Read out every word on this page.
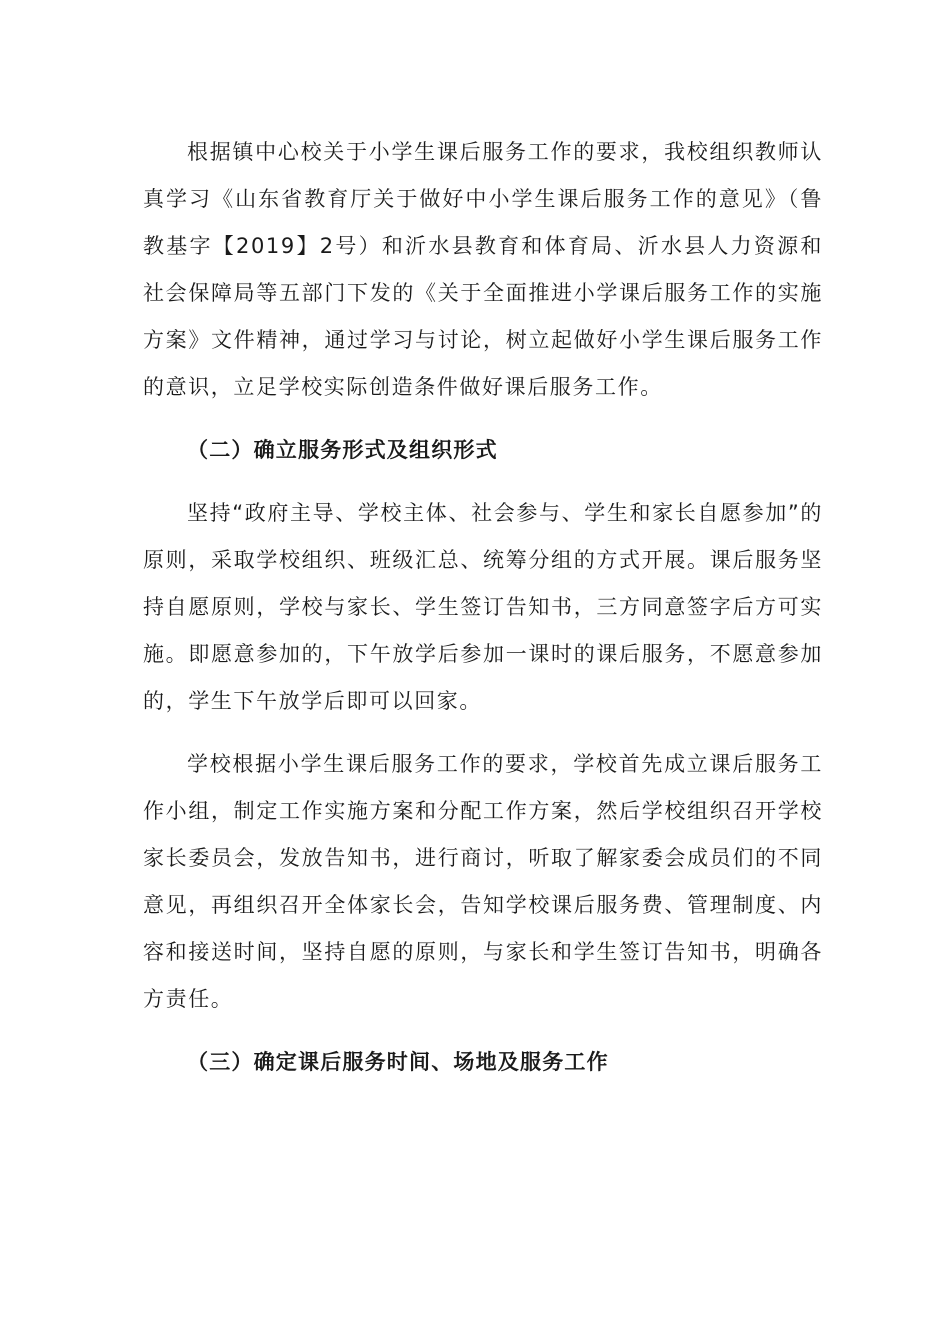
根据镇中心校关于小学生课后服务工作的要求，我校组织教师认真学习《山东省教育厅关于做好中小学生课后服务工作的意见》（鲁教基字【2019】2号）和沂水县教育和体育局、沂水县人力资源和社会保障局等五部门下发的《关于全面推进小学课后服务工作的实施方案》文件精神，通过学习与讨论，树立起做好小学生课后服务工作的意识，立足学校实际创造条件做好课后服务工作。

（二）确立服务形式及组织形式

坚持“政府主导、学校主体、社会参与、学生和家长自愿参加”的原则，采取学校组织、班级汇总、统筹分组的方式开展。课后服务坚持自愿原则，学校与家长、学生签订告知书，三方同意签字后方可实施。即愿意参加的，下午放学后参加一课时的课后服务，不愿意参加的，学生下午放学后即可以回家。

学校根据小学生课后服务工作的要求，学校首先成立课后服务工作小组，制定工作实施方案和分配工作方案，然后学校组织召开学校家长委员会，发放告知书，进行商讨，听取了解家委会成员们的不同意见，再组织召开全体家长会，告知学校课后服务费、管理制度、内容和接送时间，坚持自愿的原则，与家长和学生签订告知书，明确各方责任。

（三）确定课后服务时间、场地及服务工作
